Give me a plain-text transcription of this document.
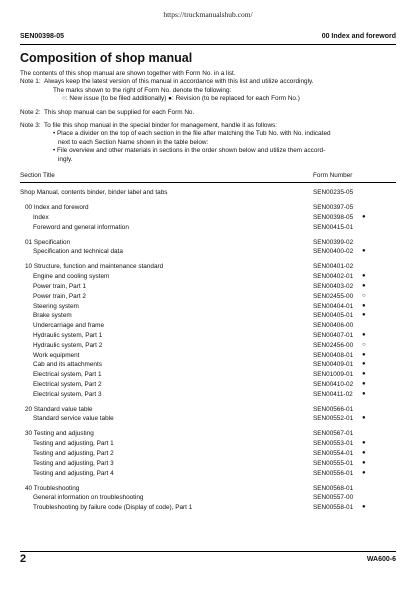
https://truckmanualshub.com/
SEN00398-05	00 Index and foreword
Composition of shop manual
The contents of this shop manual are shown together with Form No. in a list.
Note 1: Always keep the latest version of this manual in accordance with this list and utilize accordingly.
The marks shown to the right of Form No. denote the following:
○: New issue (to be filed additionally) ●: Revision (to be replaced for each Form No.)
Note 2: This shop manual can be supplied for each Form No.
Note 3: To file this shop manual in the special binder for management, handle it as follows:
• Place a divider on the top of each section in the file after matching the Tub No. with No. indicated
next to each Section Name shown in the table below:
• File overview and other materials in sections in the order shown below and utilize them accord-
ingly.
Section Title	Form Number
Shop Manual, contents binder, binder label and tabs	SEN00235-05
00 Index and foreword	SEN00397-05
Index	SEN00398-05 ●
Foreword and general information	SEN00415-01
01 Specification	SEN00399-02
Specification and technical data	SEN00400-02 ●
10 Structure, function and maintenance standard	SEN00401-02
Engine and cooling system	SEN00402-01 ●
Power train, Part 1	SEN00403-02 ●
Power train, Part 2	SEN02455-00 ○
Steering system	SEN00404-01 ●
Brake system	SEN00405-01 ●
Undercarriage and frame	SEN00406-00
Hydraulic system, Part 1	SEN00407-01 ●
Hydraulic system, Part 2	SEN02456-00 ○
Work equipment	SEN00408-01 ●
Cab and its attachments	SEN00409-01 ●
Electrical system, Part 1	SEN01009-01 ●
Electrical system, Part 2	SEN00410-02 ●
Electrical system, Part 3	SEN00411-02 ●
20 Standard value table	SEN00566-01
Standard service value table	SEN00552-01 ●
30 Testing and adjusting	SEN00567-01
Testing and adjusting, Part 1	SEN00553-01 ●
Testing and adjusting, Part 2	SEN00554-01 ●
Testing and adjusting, Part 3	SEN00555-01 ●
Testing and adjusting, Part 4	SEN00556-01 ●
40 Troubleshooting	SEN00568-01
General information on troubleshooting	SEN00557-00
Troubleshooting by failure code (Display of code), Part 1	SEN00558-01 ●
2	WA600-6
